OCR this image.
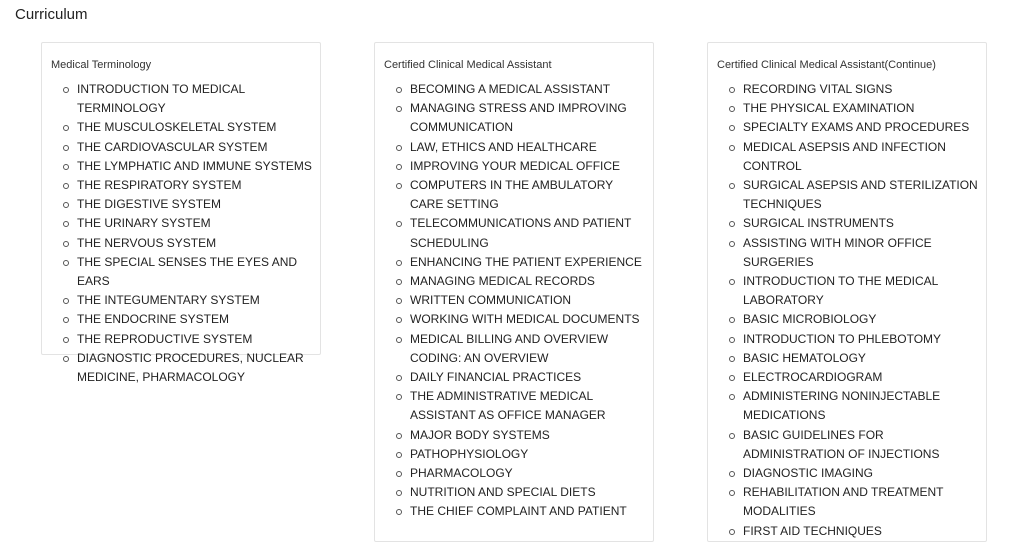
Curriculum
Medical Terminology
INTRODUCTION TO MEDICAL TERMINOLOGY
THE MUSCULOSKELETAL SYSTEM
THE CARDIOVASCULAR SYSTEM
THE LYMPHATIC AND IMMUNE SYSTEMS
THE RESPIRATORY SYSTEM
THE DIGESTIVE SYSTEM
THE URINARY SYSTEM
THE NERVOUS SYSTEM
THE SPECIAL SENSES THE EYES AND EARS
THE INTEGUMENTARY SYSTEM
THE ENDOCRINE SYSTEM
THE REPRODUCTIVE SYSTEM
DIAGNOSTIC PROCEDURES, NUCLEAR MEDICINE, PHARMACOLOGY
Certified Clinical Medical Assistant
BECOMING A MEDICAL ASSISTANT
MANAGING STRESS AND IMPROVING COMMUNICATION
LAW, ETHICS AND HEALTHCARE
IMPROVING YOUR MEDICAL OFFICE
COMPUTERS IN THE AMBULATORY CARE SETTING
TELECOMMUNICATIONS AND PATIENT SCHEDULING
ENHANCING THE PATIENT EXPERIENCE
MANAGING MEDICAL RECORDS
WRITTEN COMMUNICATION
WORKING WITH MEDICAL DOCUMENTS
MEDICAL BILLING AND OVERVIEW CODING: AN OVERVIEW
DAILY FINANCIAL PRACTICES
THE ADMINISTRATIVE MEDICAL ASSISTANT AS OFFICE MANAGER
MAJOR BODY SYSTEMS
PATHOPHYSIOLOGY
PHARMACOLOGY
NUTRITION AND SPECIAL DIETS
THE CHIEF COMPLAINT AND PATIENT
Certified Clinical Medical Assistant(Continue)
RECORDING VITAL SIGNS
THE PHYSICAL EXAMINATION
SPECIALTY EXAMS AND PROCEDURES
MEDICAL ASEPSIS AND INFECTION CONTROL
SURGICAL ASEPSIS AND STERILIZATION TECHNIQUES
SURGICAL INSTRUMENTS
ASSISTING WITH MINOR OFFICE SURGERIES
INTRODUCTION TO THE MEDICAL LABORATORY
BASIC MICROBIOLOGY
INTRODUCTION TO PHLEBOTOMY
BASIC HEMATOLOGY
ELECTROCARDIOGRAM
ADMINISTERING NONINJECTABLE MEDICATIONS
BASIC GUIDELINES FOR ADMINISTRATION OF INJECTIONS
DIAGNOSTIC IMAGING
REHABILITATION AND TREATMENT MODALITIES
FIRST AID TECHNIQUES
